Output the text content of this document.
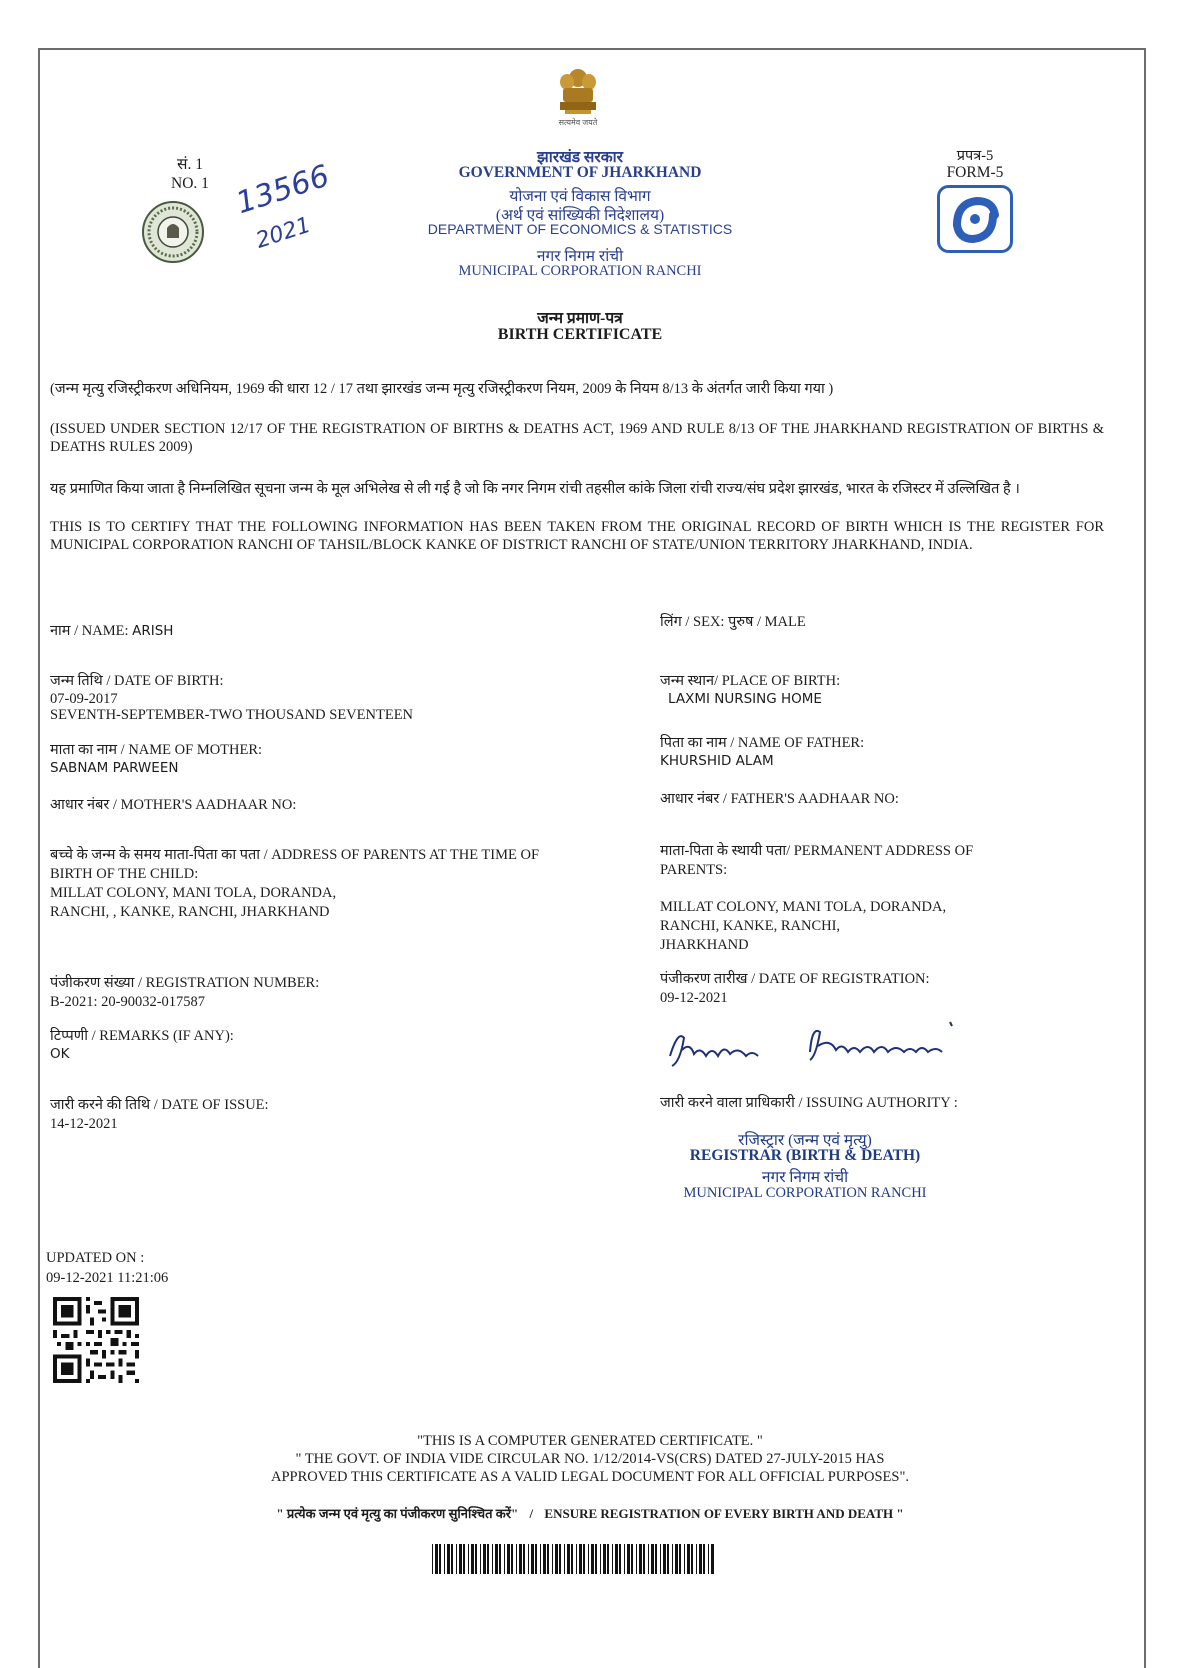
सत्यमेव जयते
सं. 1
NO. 1 13566
2021
प्रपत्र-5
FORM-5
झारखंड सरकार
GOVERNMENT OF JHARKHAND
योजना एवं विकास विभाग
(अर्थ एवं सांख्यिकी निदेशालय)
DEPARTMENT OF ECONOMICS & STATISTICS
नगर निगम रांची
MUNICIPAL CORPORATION RANCHI
जन्म प्रमाण-पत्र
BIRTH CERTIFICATE
(जन्म मृत्यु रजिस्ट्रीकरण अधिनियम, 1969 की धारा 12 / 17 तथा झारखंड जन्म मृत्यु रजिस्ट्रीकरण नियम, 2009 के नियम 8/13 के अंतर्गत जारी किया गया )
(ISSUED UNDER SECTION 12/17 OF THE REGISTRATION OF BIRTHS & DEATHS ACT, 1969 AND RULE 8/13 OF THE JHARKHAND REGISTRATION OF BIRTHS & DEATHS RULES 2009)
यह प्रमाणित किया जाता है निम्नलिखित सूचना जन्म के मूल अभिलेख से ली गई है जो कि नगर निगम रांची तहसील कांके जिला रांची राज्य/संघ प्रदेश झारखंड, भारत के रजिस्टर में उल्लिखित है ।
THIS IS TO CERTIFY THAT THE FOLLOWING INFORMATION HAS BEEN TAKEN FROM THE ORIGINAL RECORD OF BIRTH WHICH IS THE REGISTER FOR MUNICIPAL CORPORATION RANCHI OF TAHSIL/BLOCK KANKE OF DISTRICT RANCHI OF STATE/UNION TERRITORY JHARKHAND, INDIA.
नाम / NAME: ARISH
लिंग / SEX: पुरुष / MALE
जन्म तिथि / DATE OF BIRTH:
07-09-2017
SEVENTH-SEPTEMBER-TWO THOUSAND SEVENTEEN
जन्म स्थान/ PLACE OF BIRTH:
LAXMI NURSING HOME
माता का नाम / NAME OF MOTHER:
SABNAM PARWEEN
पिता का नाम / NAME OF FATHER:
KHURSHID ALAM
आधार नंबर / MOTHER'S AADHAAR NO:	आधार नंबर / FATHER'S AADHAAR NO:
बच्चे के जन्म के समय माता-पिता का पता / ADDRESS OF PARENTS AT THE TIME OF
BIRTH OF THE CHILD:
MILLAT COLONY, MANI TOLA, DORANDA,
RANCHI, , KANKE, RANCHI, JHARKHAND
माता-पिता के स्थायी पता/ PERMANENT ADDRESS OF
PARENTS:
MILLAT COLONY, MANI TOLA, DORANDA,
RANCHI, KANKE, RANCHI,
JHARKHAND
पंजीकरण संख्या / REGISTRATION NUMBER:
B-2021: 20-90032-017587
पंजीकरण तारीख / DATE OF REGISTRATION:
09-12-2021
टिप्पणी / REMARKS (IF ANY):
OK
जारी करने की तिथि / DATE OF ISSUE:
14-12-2021
जारी करने वाला प्राधिकारी / ISSUING AUTHORITY :
रजिस्ट्रार (जन्म एवं मृत्यु)
REGISTRAR (BIRTH & DEATH)
नगर निगम रांची
MUNICIPAL CORPORATION RANCHI
UPDATED ON :
09-12-2021 11:21:06
"THIS IS A COMPUTER GENERATED CERTIFICATE. "
" THE GOVT. OF INDIA VIDE CIRCULAR NO. 1/12/2014-VS(CRS) DATED 27-JULY-2015 HAS
APPROVED THIS CERTIFICATE AS A VALID LEGAL DOCUMENT FOR ALL OFFICIAL PURPOSES".
" प्रत्येक जन्म एवं मृत्यु का पंजीकरण सुनिश्चित करें" / ENSURE REGISTRATION OF EVERY BIRTH AND DEATH "
